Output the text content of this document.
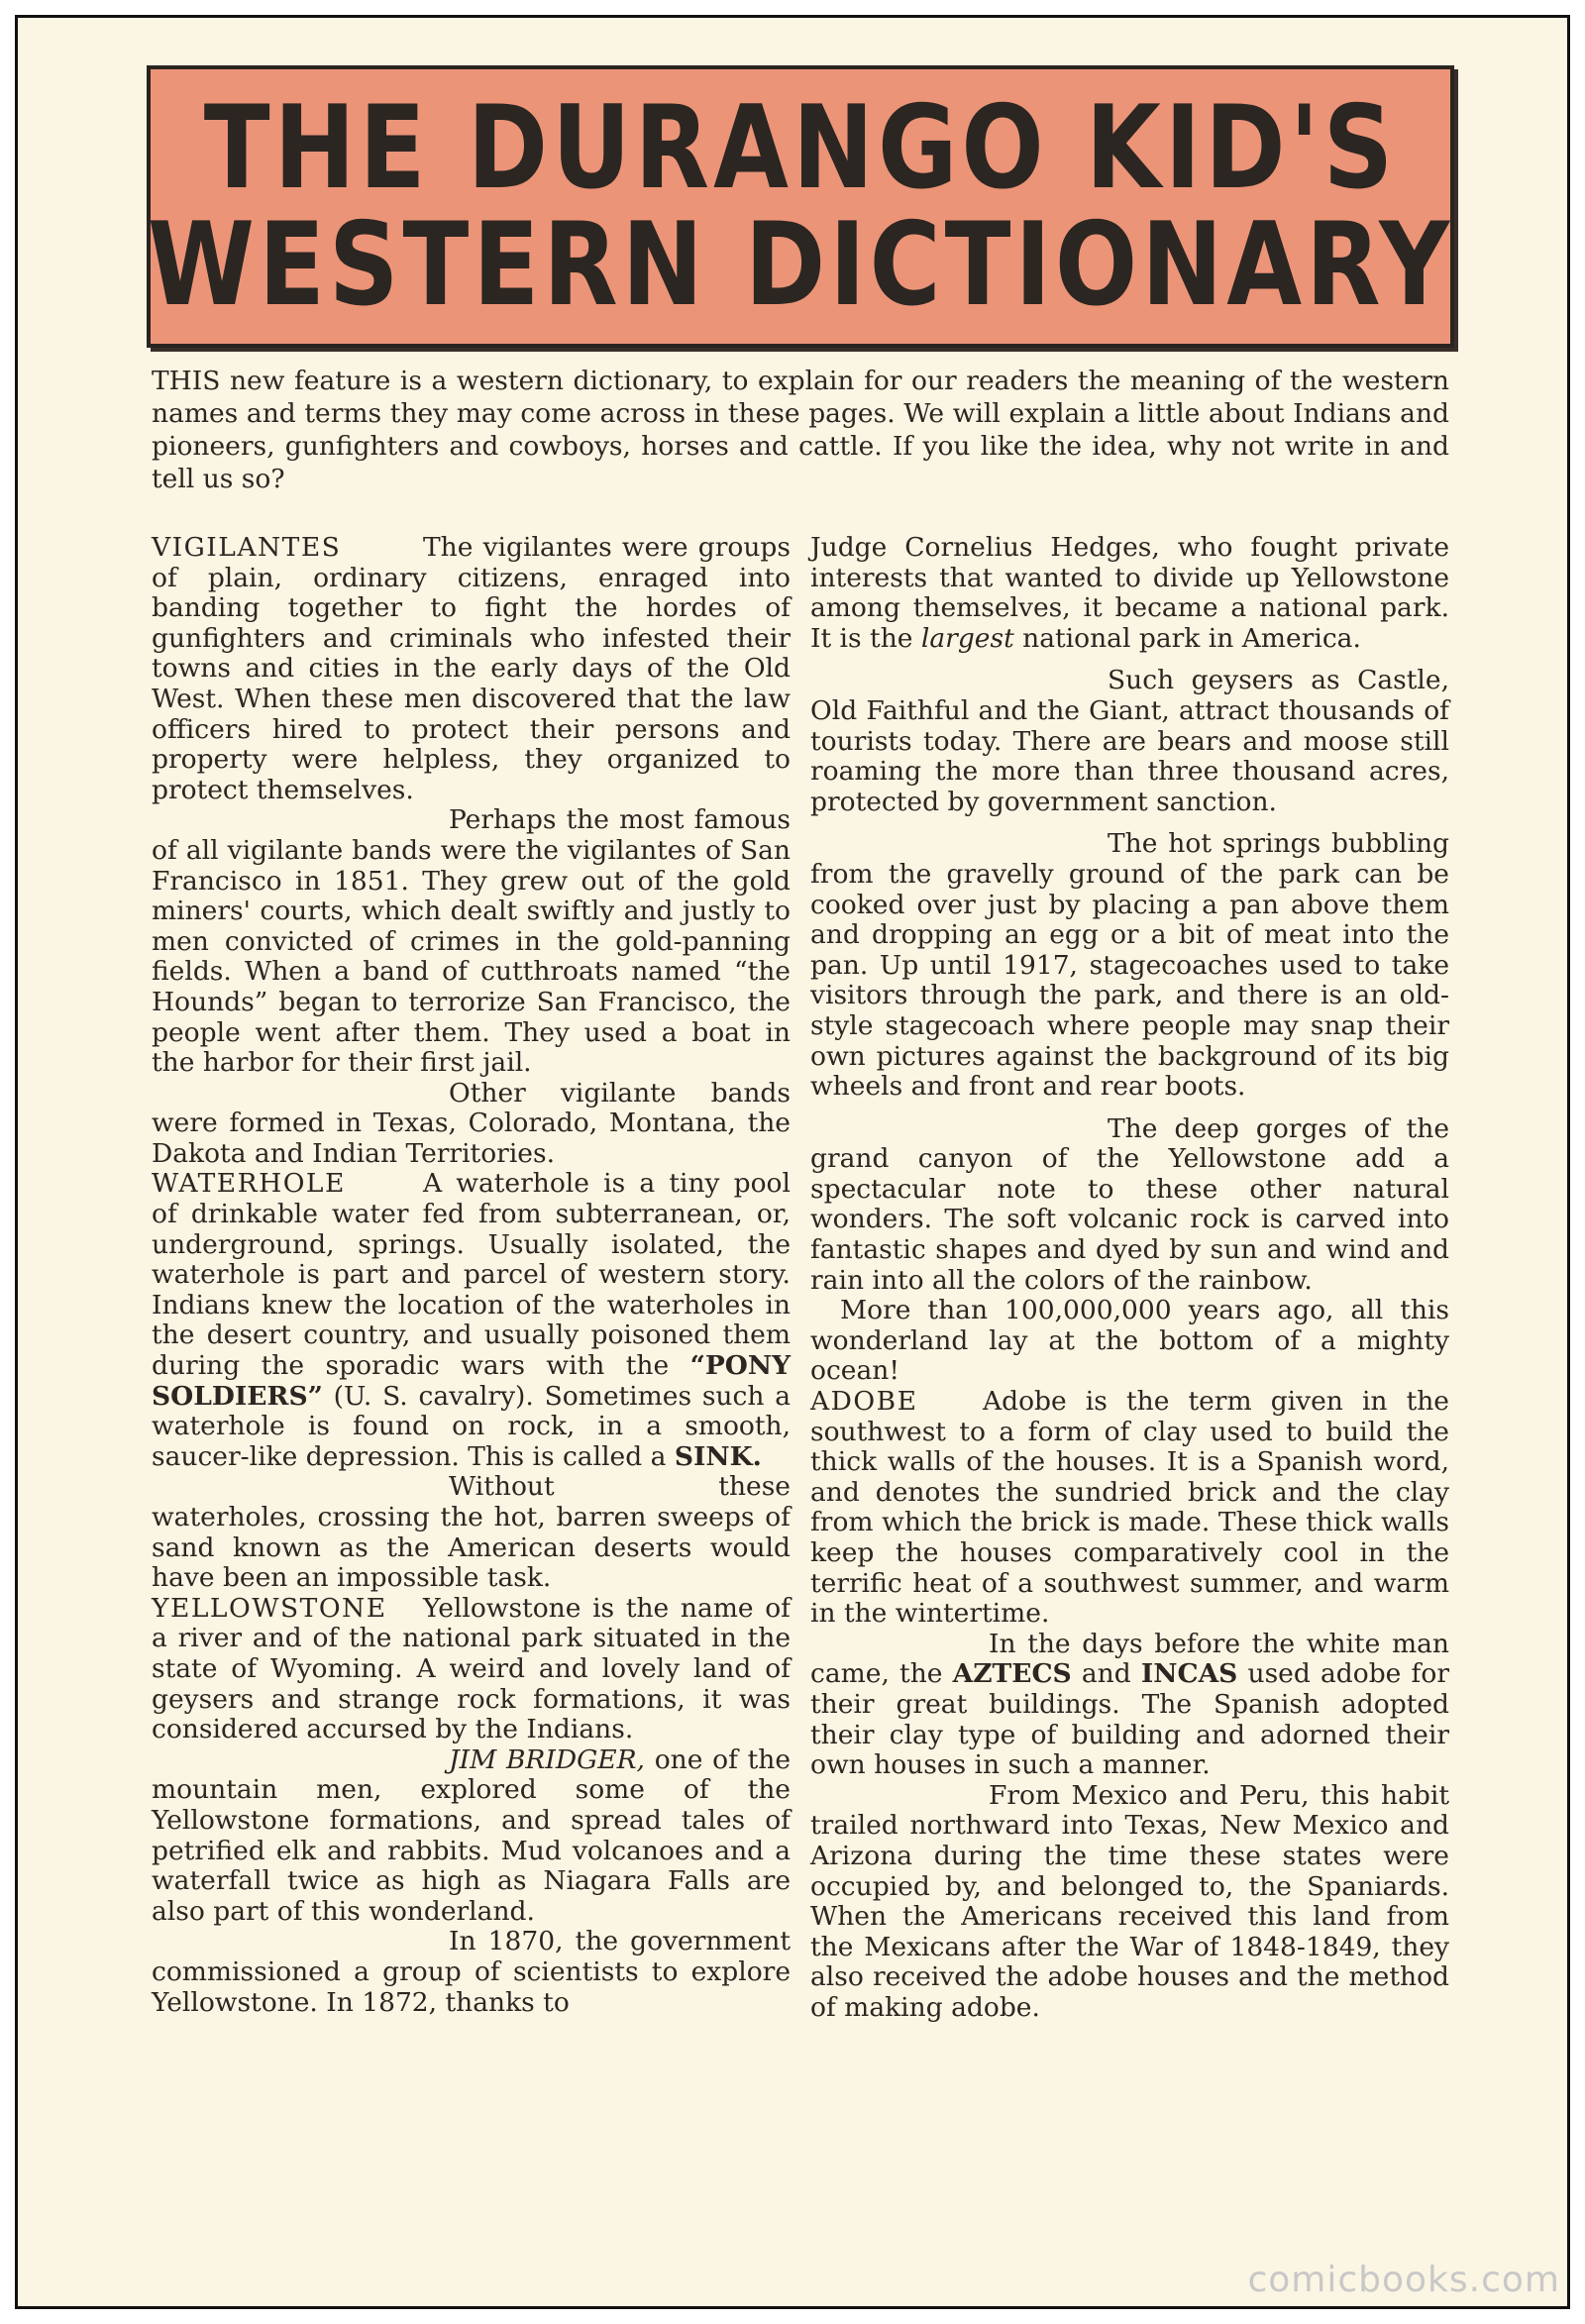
THE DURANGO KID'S
WESTERN DICTIONARY
THIS new feature is a western dictionary, to explain for our readers the meaning of the western names and terms they may come across in these pages. We will explain a little about Indians and pioneers, gunfighters and cowboys, horses and cattle. If you like the idea, why not write in and tell us so?

VIGILANTES	The vigilantes were groups of plain, ordinary citizens, enraged into banding together to fight the hordes of gunfighters and criminals who infested their towns and cities in the early days of the Old West. When these men discovered that the law officers hired to protect their persons and property were helpless, they organized to protect themselves.

Perhaps the most famous of all vigilante bands were the vigilantes of San Francisco in 1851. They grew out of the gold miners' courts, which dealt swiftly and justly to men convicted of crimes in the gold-panning fields. When a band of cutthroats named “the Hounds” began to terrorize San Francisco, the people went after them. They used a boat in the harbor for their first jail.

Other vigilante bands were formed in Texas, Colorado, Montana, the Dakota and Indian Territories.

WATERHOLE	A waterhole is a tiny pool of drinkable water fed from subterranean, or, underground, springs. Usually isolated, the waterhole is part and parcel of western story. Indians knew the location of the waterholes in the desert country, and usually poisoned them during the sporadic wars with the “PONY SOLDIERS” (U. S. cavalry). Sometimes such a waterhole is found on rock, in a smooth, saucer-like depression. This is called a SINK.

Without these waterholes, crossing the hot, barren sweeps of sand known as the American deserts would have been an impossible task.

YELLOWSTONE	Yellowstone is the name of a river and of the national park situated in the state of Wyoming. A weird and lovely land of geysers and strange rock formations, it was considered accursed by the Indians.

JIM BRIDGER, one of the mountain men, explored some of the Yellowstone formations, and spread tales of petrified elk and rabbits. Mud volcanoes and a waterfall twice as high as Niagara Falls are also part of this wonderland.

In 1870, the government commissioned a group of scientists to explore Yellowstone. In 1872, thanks to

Judge Cornelius Hedges, who fought private interests that wanted to divide up Yellowstone among themselves, it became a national park. It is the largest national park in America.

Such geysers as Castle, Old Faithful and the Giant, attract thousands of tourists today. There are bears and moose still roaming the more than three thousand acres, protected by government sanction.

The hot springs bubbling from the gravelly ground of the park can be cooked over just by placing a pan above them and dropping an egg or a bit of meat into the pan. Up until 1917, stagecoaches used to take visitors through the park, and there is an old-style stagecoach where people may snap their own pictures against the background of its big wheels and front and rear boots.

The deep gorges of the grand canyon of the Yellowstone add a spectacular note to these other natural wonders. The soft volcanic rock is carved into fantastic shapes and dyed by sun and wind and rain into all the colors of the rainbow.

More than 100,000,000 years ago, all this wonderland lay at the bottom of a mighty ocean!

ADOBE	Adobe is the term given in the southwest to a form of clay used to build the thick walls of the houses. It is a Spanish word, and denotes the sundried brick and the clay from which the brick is made. These thick walls keep the houses comparatively cool in the terrific heat of a southwest summer, and warm in the wintertime.

In the days before the white man came, the AZTECS and INCAS used adobe for their great buildings. The Spanish adopted their clay type of building and adorned their own houses in such a manner.

From Mexico and Peru, this habit trailed northward into Texas, New Mexico and Arizona during the time these states were occupied by, and belonged to, the Spaniards. When the Americans received this land from the Mexicans after the War of 1848-1849, they also received the adobe houses and the method of making adobe.

comicbooks.com
